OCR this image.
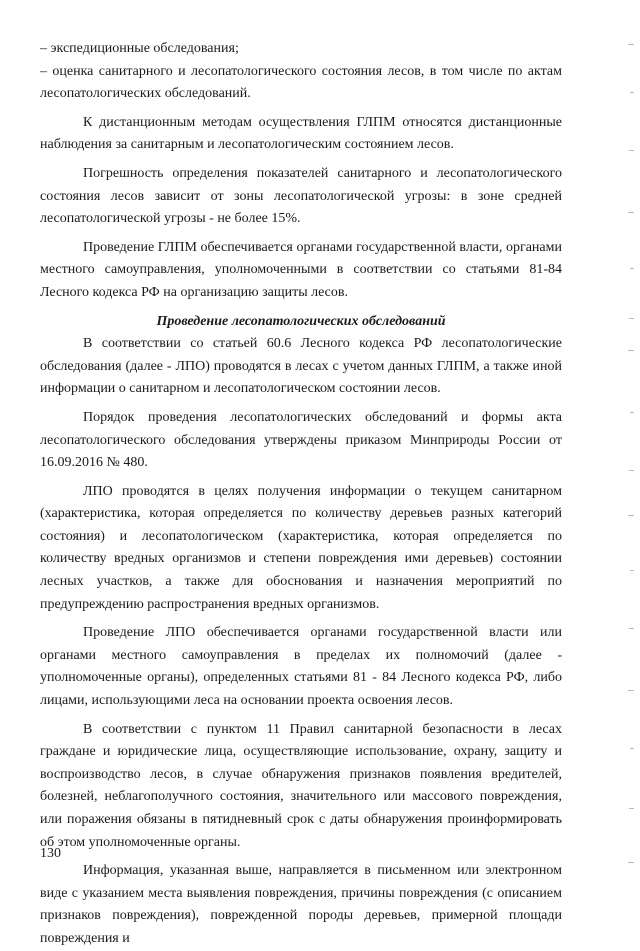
– экспедиционные обследования;

– оценка санитарного и лесопатологического состояния лесов, в том числе по актам лесопатологических обследований.

К дистанционным методам осуществления ГЛПМ относятся дистанционные наблюдения за санитарным и лесопатологическим состоянием лесов.

Погрешность определения показателей санитарного и лесопатологического состояния лесов зависит от зоны лесопатологической угрозы: в зоне средней лесопатологической угрозы - не более 15%.

Проведение ГЛПМ обеспечивается органами государственной власти, органами местного самоуправления, уполномоченными в соответствии со статьями 81-84 Лесного кодекса РФ на организацию защиты лесов.

Проведение лесопатологических обследований

В соответствии со статьей 60.6 Лесного кодекса РФ лесопатологические обследования (далее - ЛПО) проводятся в лесах с учетом данных ГЛПМ, а также иной информации о санитарном и лесопатологическом состоянии лесов.

Порядок проведения лесопатологических обследований и формы акта лесопатологического обследования утверждены приказом Минприроды России от 16.09.2016 № 480.

ЛПО проводятся в целях получения информации о текущем санитарном (характеристика, которая определяется по количеству деревьев разных категорий состояния) и лесопатологическом (характеристика, которая определяется по количеству вредных организмов и степени повреждения ими деревьев) состоянии лесных участков, а также для обоснования и назначения мероприятий по предупреждению распространения вредных организмов.

Проведение ЛПО обеспечивается органами государственной власти или органами местного самоуправления в пределах их полномочий (далее - уполномоченные органы), определенных статьями 81 - 84 Лесного кодекса РФ, либо лицами, использующими леса на основании проекта освоения лесов.

В соответствии с пунктом 11 Правил санитарной безопасности в лесах граждане и юридические лица, осуществляющие использование, охрану, защиту и воспроизводство лесов, в случае обнаружения признаков появления вредителей, болезней, неблагополучного состояния, значительного или массового повреждения, или поражения обязаны в пятидневный срок с даты обнаружения проинформировать об этом уполномоченные органы.

Информация, указанная выше, направляется в письменном или электронном виде с указанием места выявления повреждения, причины повреждения (с описанием признаков повреждения), поврежденной породы деревьев, примерной площади повреждения и

130
